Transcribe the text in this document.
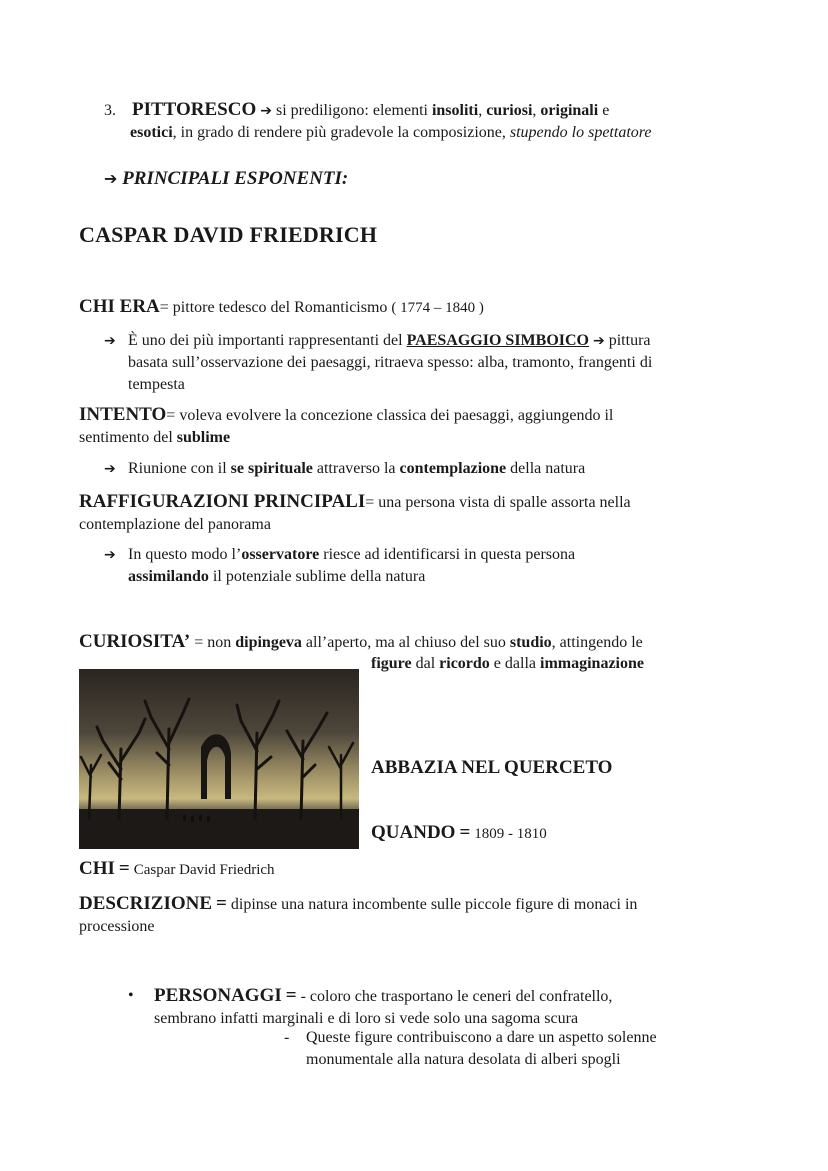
3. PITTORESCO ➔ si prediligono: elementi insoliti, curiosi, originali e
esotici, in grado di rendere più gradevole la composizione, stupendo lo spettatore
➔ PRINCIPALI ESPONENTI:
CASPAR DAVID FRIEDRICH
CHI ERA= pittore tedesco del Romanticismo ( 1774 – 1840 )
➔ È uno dei più importanti rappresentanti del PAESAGGIO SIMBOICO ➔ pittura
basata sull’osservazione dei paesaggi, ritraeva spesso: alba, tramonto, frangenti di
tempesta
INTENTO= voleva evolvere la concezione classica dei paesaggi, aggiungendo il
sentimento del sublime
➔ Riunione con il se spirituale attraverso la contemplazione della natura
RAFFIGURAZIONI PRINCIPALI= una persona vista di spalle assorta nella
contemplazione del panorama
➔ In questo modo l’osservatore riesce ad identificarsi in questa persona
assimilando il potenziale sublime della natura
CURIOSITA’ = non dipingeva all’aperto, ma al chiuso del suo studio, attingendo le
figure dal ricordo e dalla immaginazione
ABBAZIA NEL QUERCETO
QUANDO = 1809 - 1810
CHI = Caspar David Friedrich
DESCRIZIONE = dipinse una natura incombente sulle piccole figure di monaci in
processione
• PERSONAGGI = - coloro che trasportano le ceneri del confratello,
sembrano infatti marginali e di loro si vede solo una sagoma scura
- Queste figure contribuiscono a dare un aspetto solenne
monumentale alla natura desolata di alberi spogli
